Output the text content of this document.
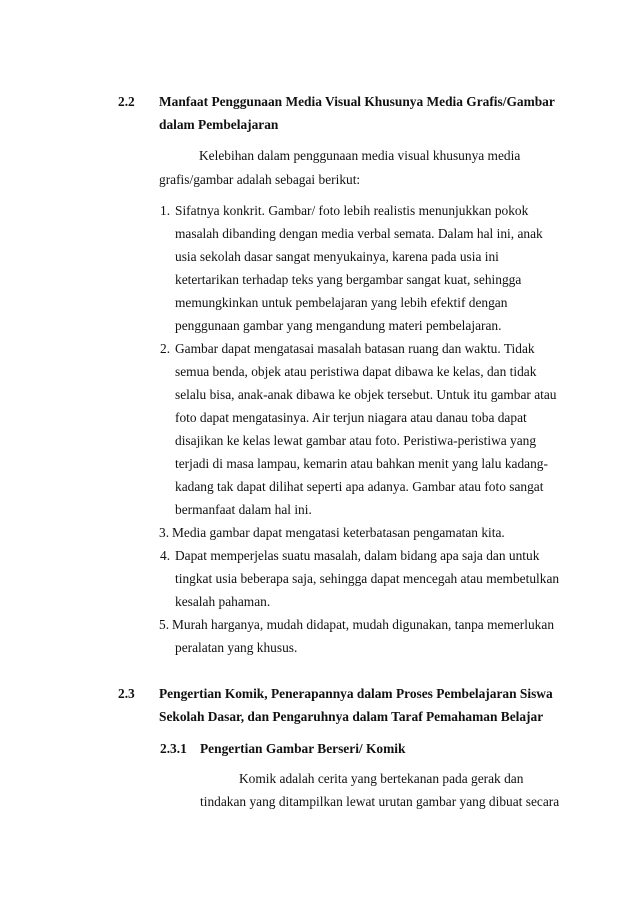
2.2 Manfaat Penggunaan Media Visual Khusunya Media Grafis/Gambar
dalam Pembelajaran
Kelebihan dalam penggunaan media visual khusunya media
grafis/gambar adalah sebagai berikut:
1. Sifatnya konkrit. Gambar/ foto lebih realistis menunjukkan pokok
masalah dibanding dengan media verbal semata. Dalam hal ini, anak
usia sekolah dasar sangat menyukainya, karena pada usia ini
ketertarikan terhadap teks yang bergambar sangat kuat, sehingga
memungkinkan untuk pembelajaran yang lebih efektif dengan
penggunaan gambar yang mengandung materi pembelajaran.
2. Gambar dapat mengatasai masalah batasan ruang dan waktu. Tidak
semua benda, objek atau peristiwa dapat dibawa ke kelas, dan tidak
selalu bisa, anak-anak dibawa ke objek tersebut. Untuk itu gambar atau
foto dapat mengatasinya. Air terjun niagara atau danau toba dapat
disajikan ke kelas lewat gambar atau foto. Peristiwa-peristiwa yang
terjadi di masa lampau, kemarin atau bahkan menit yang lalu kadang-
kadang tak dapat dilihat seperti apa adanya. Gambar atau foto sangat
bermanfaat dalam hal ini.
3. Media gambar dapat mengatasi keterbatasan pengamatan kita.
4. Dapat memperjelas suatu masalah, dalam bidang apa saja dan untuk
tingkat usia beberapa saja, sehingga dapat mencegah atau membetulkan
kesalah pahaman.
5. Murah harganya, mudah didapat, mudah digunakan, tanpa memerlukan
peralatan yang khusus.
2.3 Pengertian Komik, Penerapannya dalam Proses Pembelajaran Siswa
Sekolah Dasar, dan Pengaruhnya dalam Taraf Pemahaman Belajar
2.3.1 Pengertian Gambar Berseri/ Komik
Komik adalah cerita yang bertekanan pada gerak dan
tindakan yang ditampilkan lewat urutan gambar yang dibuat secara
